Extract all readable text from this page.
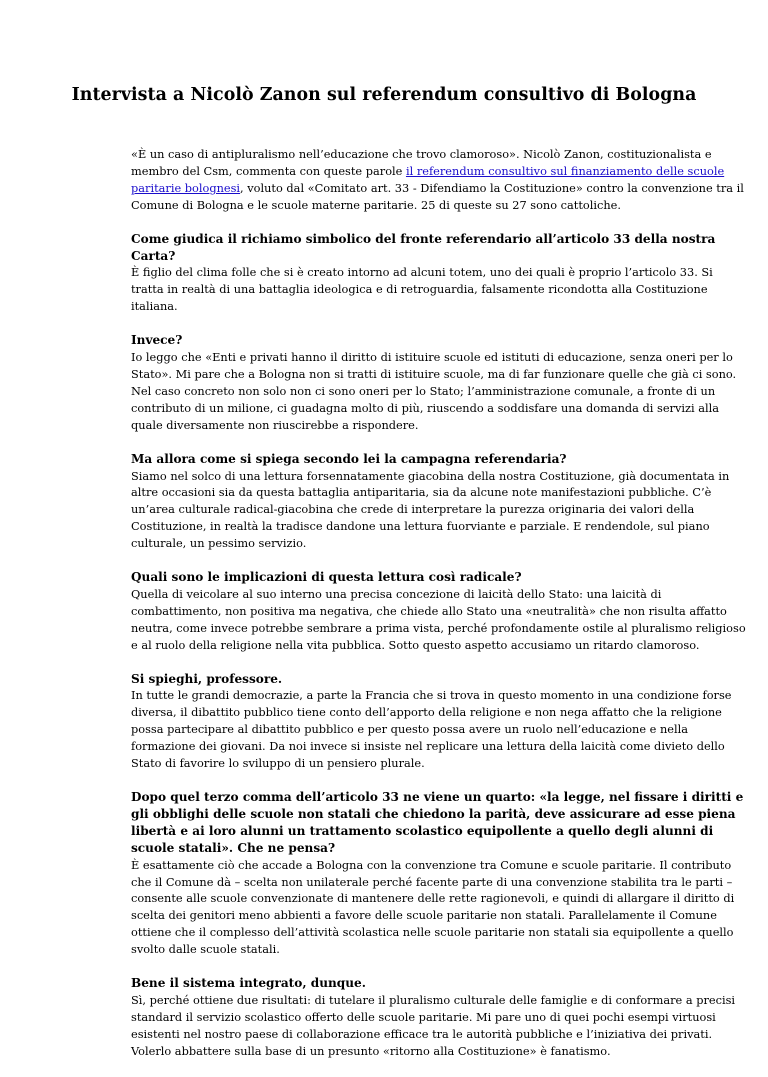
Intervista a Nicolò Zanon sul referendum consultivo di Bologna

«È un caso di antipluralismo nell’educazione che trovo clamoroso». Nicolò Zanon, costituzionalista e membro del Csm, commenta con queste parole il referendum consultivo sul finanziamento delle scuole paritarie bolognesi, voluto dal «Comitato art. 33 - Difendiamo la Costituzione» contro la convenzione tra il Comune di Bologna e le scuole materne paritarie. 25 di queste su 27 sono cattoliche.

Come giudica il richiamo simbolico del fronte referendario all’articolo 33 della nostra Carta?
È figlio del clima folle che si è creato intorno ad alcuni totem, uno dei quali è proprio l’articolo 33. Si tratta in realtà di una battaglia ideologica e di retroguardia, falsamente ricondotta alla Costituzione italiana.
Invece?
Io leggo che «Enti e privati hanno il diritto di istituire scuole ed istituti di educazione, senza oneri per lo Stato». Mi pare che a Bologna non si tratti di istituire scuole, ma di far funzionare quelle che già ci sono. Nel caso concreto non solo non ci sono oneri per lo Stato; l’amministrazione comunale, a fronte di un contributo di un milione, ci guadagna molto di più, riuscendo a soddisfare una domanda di servizi alla quale diversamente non riuscirebbe a rispondere.
Ma allora come si spiega secondo lei la campagna referendaria?
Siamo nel solco di una lettura forsennatamente giacobina della nostra Costituzione, già documentata in altre occasioni sia da questa battaglia antiparitaria, sia da alcune note manifestazioni pubbliche. C’è un’area culturale radical-giacobina che crede di interpretare la purezza originaria dei valori della Costituzione, in realtà la tradisce dandone una lettura fuorviante e parziale. E rendendole, sul piano culturale, un pessimo servizio.
Quali sono le implicazioni di questa lettura così radicale?
Quella di veicolare al suo interno una precisa concezione di laicità dello Stato: una laicità di combattimento, non positiva ma negativa, che chiede allo Stato una «neutralità» che non risulta affatto neutra, come invece potrebbe sembrare a prima vista, perché profondamente ostile al pluralismo religioso e al ruolo della religione nella vita pubblica. Sotto questo aspetto accusiamo un ritardo clamoroso.
Si spieghi, professore.
In tutte le grandi democrazie, a parte la Francia che si trova in questo momento in una condizione forse diversa, il dibattito pubblico tiene conto dell’apporto della religione e non nega affatto che la religione possa partecipare al dibattito pubblico e per questo possa avere un ruolo nell’educazione e nella formazione dei giovani. Da noi invece si insiste nel replicare una lettura della laicità come divieto dello Stato di favorire lo sviluppo di un pensiero plurale.
Dopo quel terzo comma dell’articolo 33 ne viene un quarto: «la legge, nel fissare i diritti e gli obblighi delle scuole non statali che chiedono la parità, deve assicurare ad esse piena libertà e ai loro alunni un trattamento scolastico equipollente a quello degli alunni di scuole statali». Che ne pensa?
È esattamente ciò che accade a Bologna con la convenzione tra Comune e scuole paritarie. Il contributo che il Comune dà – scelta non unilaterale perché facente parte di una convenzione stabilita tra le parti – consente alle scuole convenzionate di mantenere delle rette ragionevoli, e quindi di allargare il diritto di scelta dei genitori meno abbienti a favore delle scuole paritarie non statali. Parallelamente il Comune ottiene che il complesso dell’attività scolastica nelle scuole paritarie non statali sia equipollente a quello svolto dalle scuole statali.
Bene il sistema integrato, dunque.
Sì, perché ottiene due risultati: di tutelare il pluralismo culturale delle famiglie e di conformare a precisi standard il servizio scolastico offerto delle scuole paritarie. Mi pare uno di quei pochi esempi virtuosi esistenti nel nostro paese di collaborazione efficace tra le autorità pubbliche e l’iniziativa dei privati. Volerlo abbattere sulla base di un presunto «ritorno alla Costituzione» è fanatismo.
